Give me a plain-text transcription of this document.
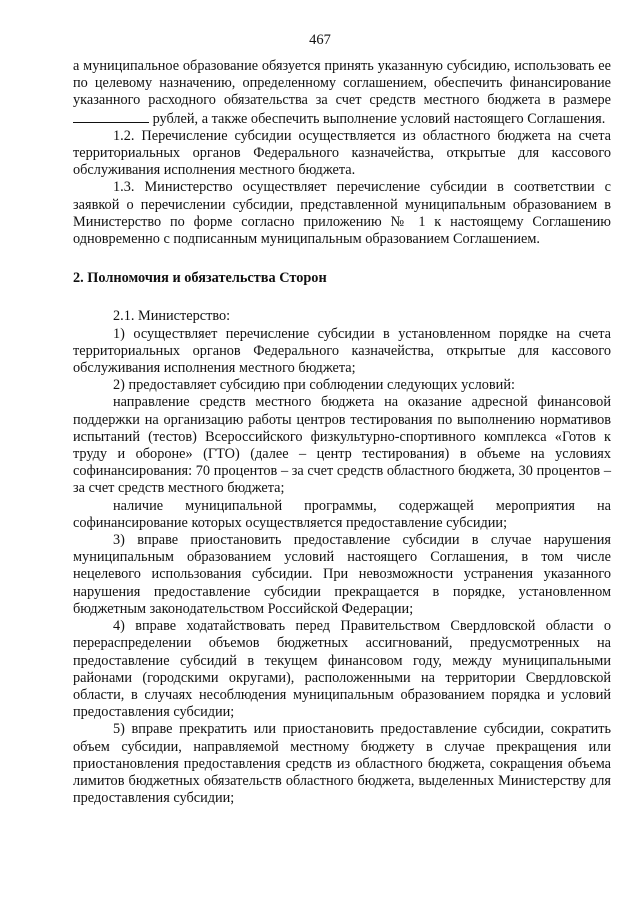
467

а муниципальное образование обязуется принять указанную субсидию, использовать ее по целевому назначению, определенному соглашением, обеспечить финансирование указанного расходного обязательства за счет средств местного бюджета в размере  рублей, а также обеспечить выполнение условий настоящего Соглашения.

1.2. Перечисление субсидии осуществляется из областного бюджета на счета территориальных органов Федерального казначейства, открытые для кассового обслуживания исполнения местного бюджета.

1.3. Министерство осуществляет перечисление субсидии в соответствии с заявкой о перечислении субсидии, представленной муниципальным образованием в Министерство по форме согласно приложению № 1 к настоящему Соглашению одновременно с подписанным муниципальным образованием Соглашением.

2. Полномочия и обязательства Сторон

2.1. Министерство:

1) осуществляет перечисление субсидии в установленном порядке на счета территориальных органов Федерального казначейства, открытые для кассового обслуживания исполнения местного бюджета;

2) предоставляет субсидию при соблюдении следующих условий:

направление средств местного бюджета на оказание адресной финансовой поддержки на организацию работы центров тестирования по выполнению нормативов испытаний (тестов) Всероссийского физкультурно-спортивного комплекса «Готов к труду и обороне» (ГТО) (далее – центр тестирования) в объеме на условиях софинансирования: 70 процентов – за счет средств областного бюджета, 30 процентов – за счет средств местного бюджета;

наличие муниципальной программы, содержащей мероприятия на софинансирование которых осуществляется предоставление субсидии;

3) вправе приостановить предоставление субсидии в случае нарушения муниципальным образованием условий настоящего Соглашения, в том числе нецелевого использования субсидии. При невозможности устранения указанного нарушения предоставление субсидии прекращается в порядке, установленном бюджетным законодательством Российской Федерации;

4) вправе ходатайствовать перед Правительством Свердловской области о перераспределении объемов бюджетных ассигнований, предусмотренных на предоставление субсидий в текущем финансовом году, между муниципальными районами (городскими округами), расположенными на территории Свердловской области, в случаях несоблюдения муниципальным образованием порядка и условий предоставления субсидии;

5) вправе прекратить или приостановить предоставление субсидии, сократить объем субсидии, направляемой местному бюджету в случае прекращения или приостановления предоставления средств из областного бюджета, сокращения объема лимитов бюджетных обязательств областного бюджета, выделенных Министерству для предоставления субсидии;
